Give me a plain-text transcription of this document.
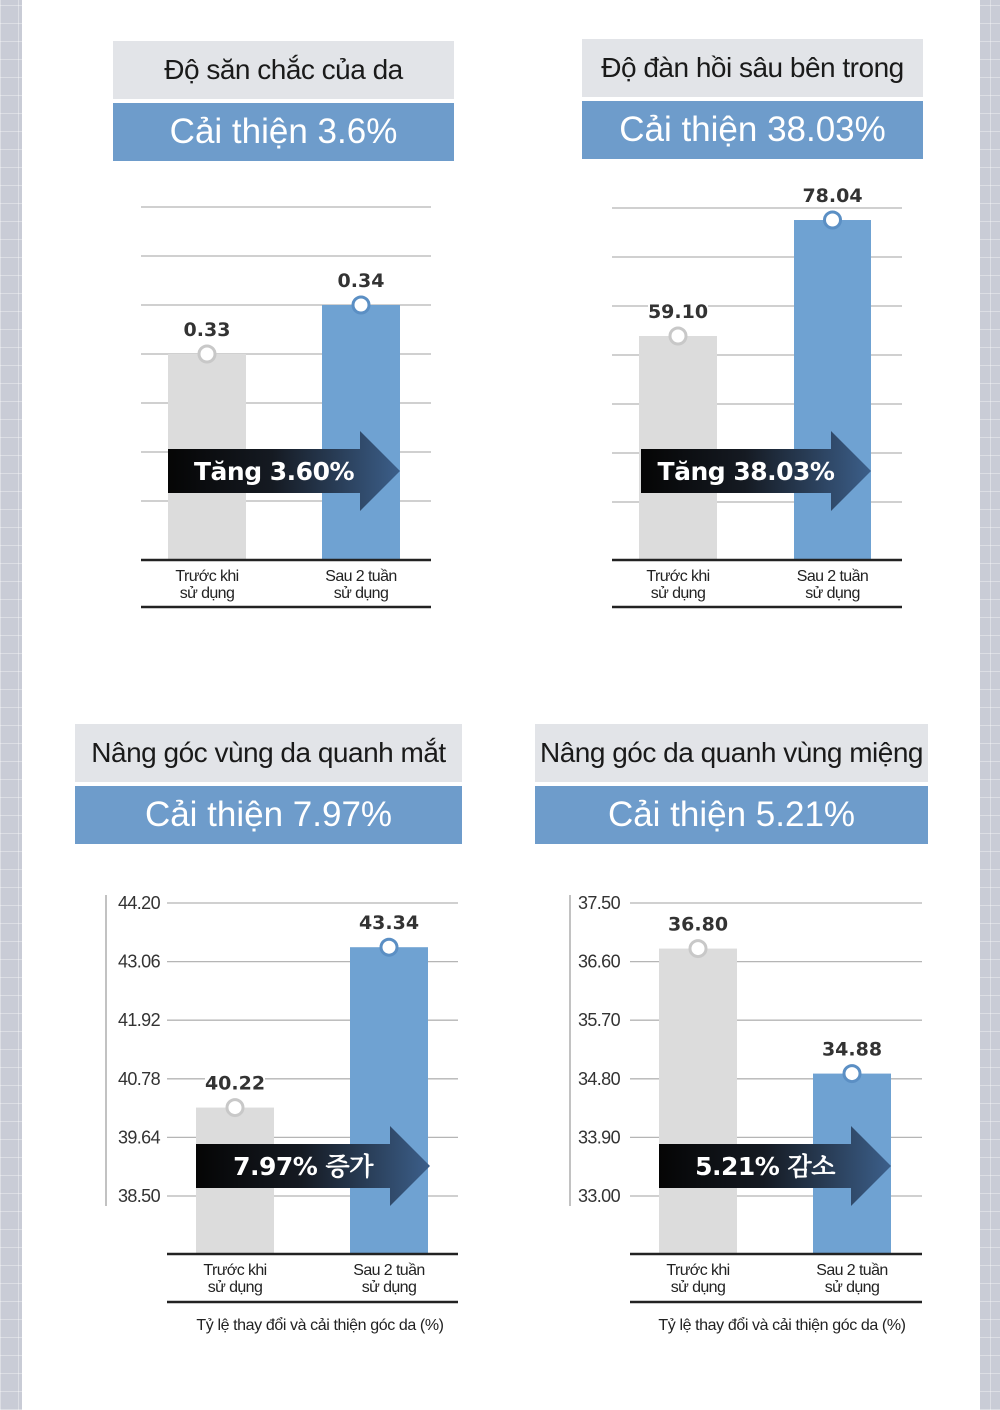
Độ săn chắc của da
Cải thiện 3.6%
Độ đàn hồi sâu bên trong
Cải thiện 38.03%
Nâng góc vùng da quanh mắt
Cải thiện 7.97%
Nâng góc da quanh vùng miệng
Cải thiện 5.21%
0.33
0.34
Tăng 3.60%
Trước khi
sử dụng
Sau 2 tuần
sử dụng
59.10
78.04
Tăng 38.03%
Trước khi
sử dụng
Sau 2 tuần
sử dụng
38.50
39.64
40.78
41.92
43.06
44.20
40.22
43.34
7.97% 증가
Trước khi
sử dụng
Sau 2 tuần
sử dụng
Tỷ lệ thay đổi và cải thiện góc da (%)
33.00
33.90
34.80
35.70
36.60
37.50
36.80
34.88
5.21% 감소
Trước khi
sử dụng
Sau 2 tuần
sử dụng
Tỷ lệ thay đổi và cải thiện góc da (%)
